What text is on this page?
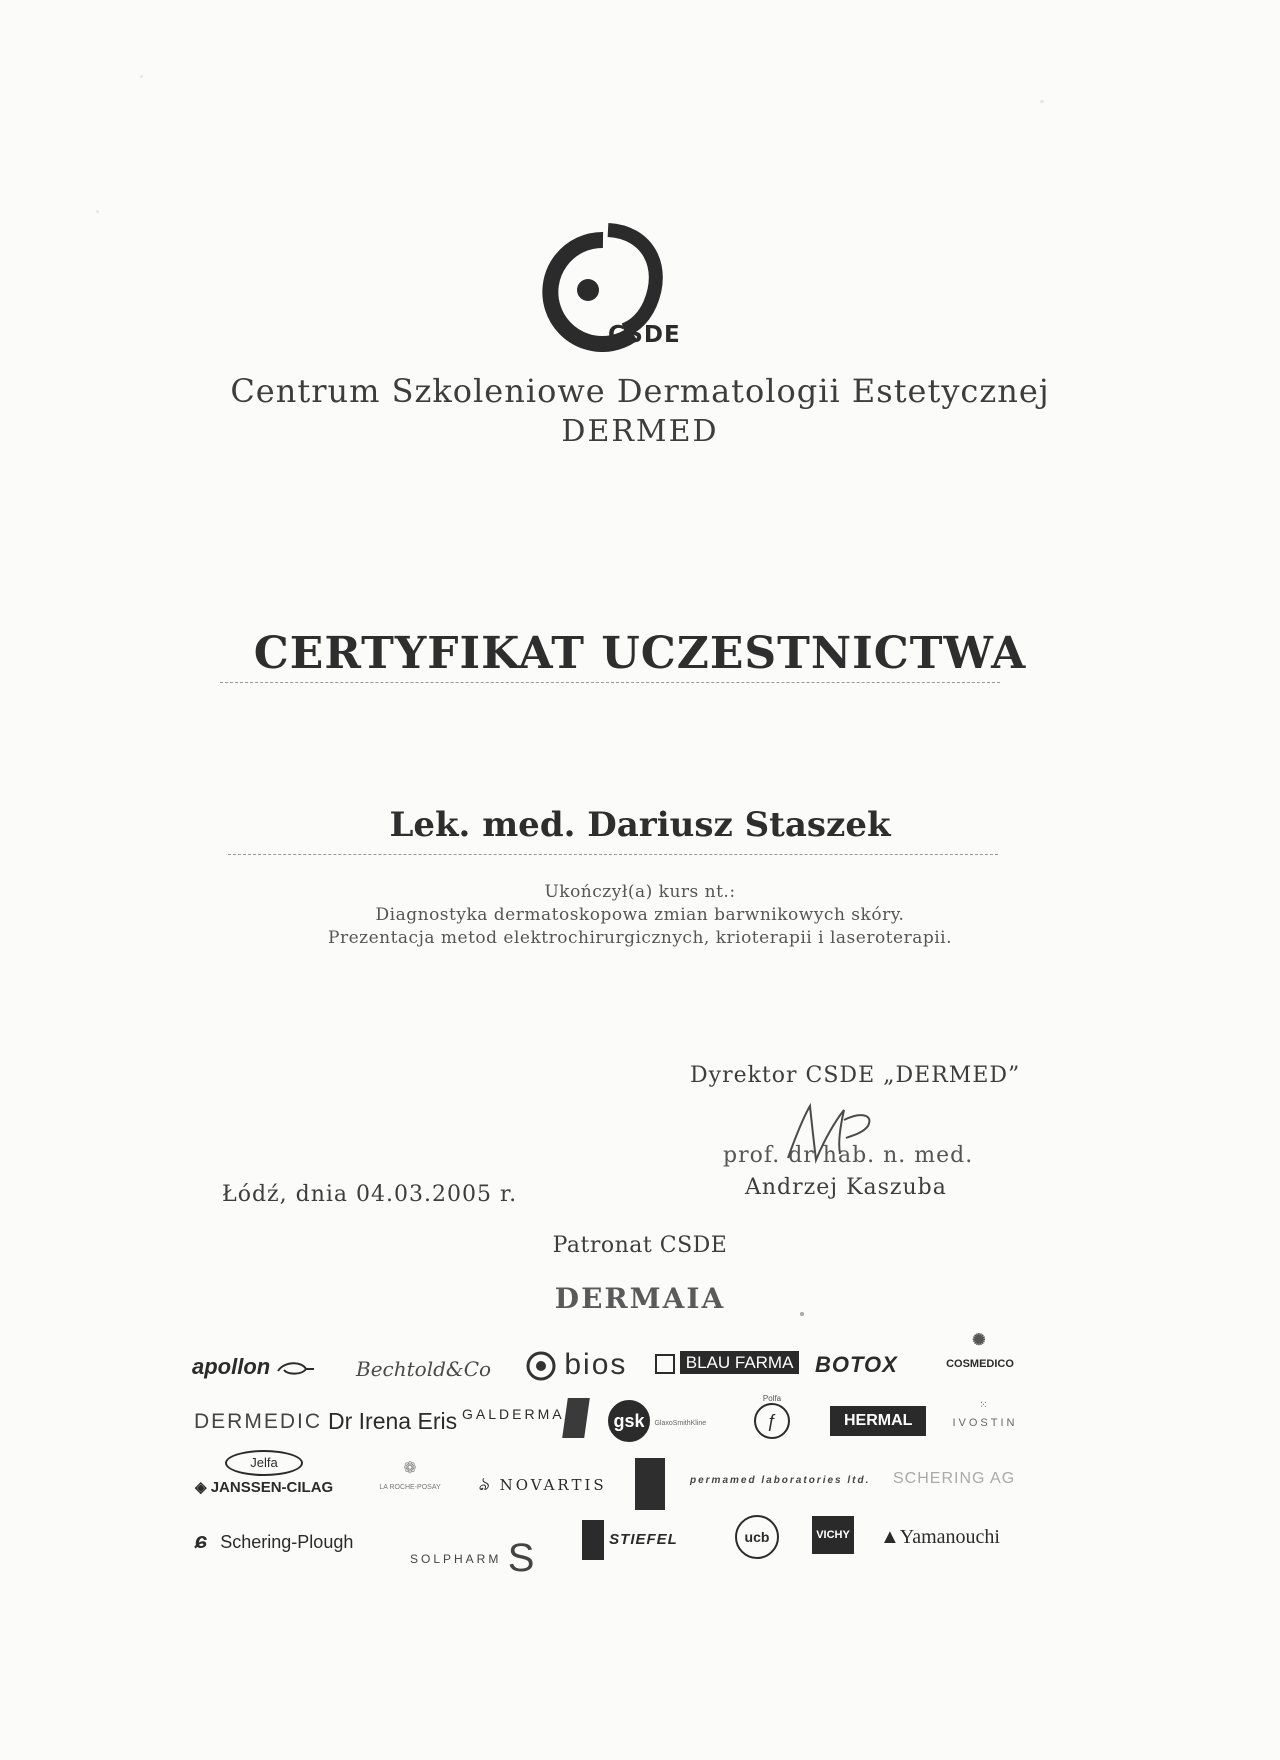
CSDE
Centrum Szkoleniowe Dermatologii Estetycznej
DERMED
CERTYFIKAT UCZESTNICTWA
Lek. med. Dariusz Staszek
Ukończył(a) kurs nt.:
Diagnostyka dermatoskopowa zmian barwnikowych skóry.
Prezentacja metod elektrochirurgicznych, krioterapii i laseroterapii.
Dyrektor CSDE „DERMED”
prof. dr hab. n. med.
Andrzej Kaszuba
Łódź, dnia 04.03.2005 r.
Patronat CSDE
DERMAIA
apollon	Bechtold&Co	bios	BLAU FARMA BOTOX
✺
COSMEDICO
DERMEDIC Dr Irena Eris GALDERMA	gsk GlaxoSmithKline
Polfa
ƒ	HERMAL
⁙
IVOSTIN
Jelfa
◈ JANSSEN-CILAG
❁
LA ROCHE-POSAY	ঌ NOVARTIS	permamed laboratories ltd. SCHERING AG
ɕ Schering-Plough
SOLPHARM S	STIEFEL	ucb	VICHY ▲Yamanouchi
